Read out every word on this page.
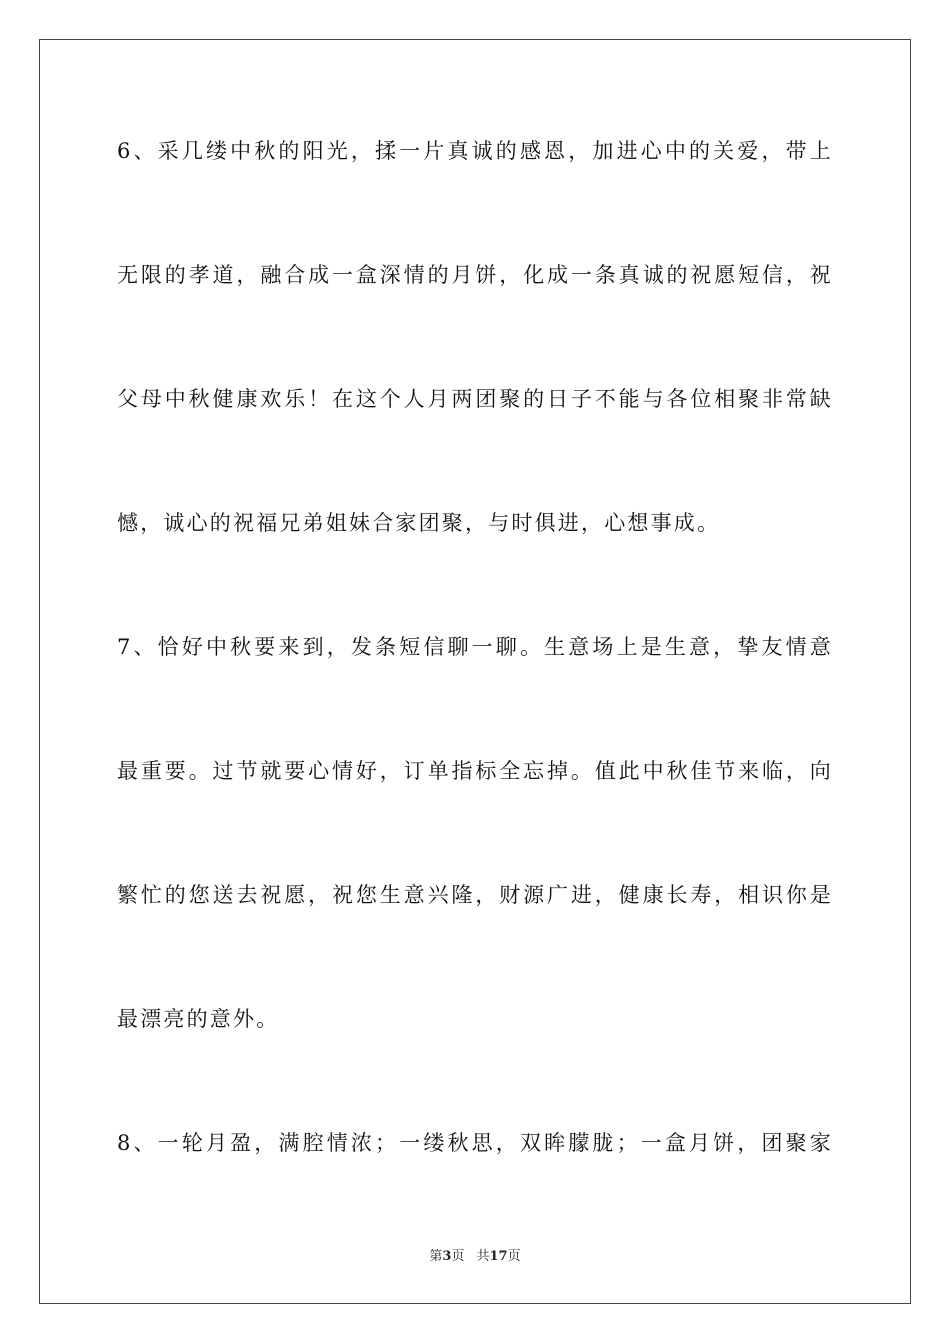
6、采几缕中秋的阳光，揉一片真诚的感恩，加进心中的关爱，带上
无限的孝道，融合成一盒深情的月饼，化成一条真诚的祝愿短信，祝
父母中秋健康欢乐！在这个人月两团聚的日子不能与各位相聚非常缺
憾，诚心的祝福兄弟姐妹合家团聚，与时俱进，心想事成。
7、恰好中秋要来到，发条短信聊一聊。生意场上是生意，挚友情意
最重要。过节就要心情好，订单指标全忘掉。值此中秋佳节来临，向
繁忙的您送去祝愿，祝您生意兴隆，财源广进，健康长寿，相识你是
最漂亮的意外。
8、一轮月盈，满腔情浓；一缕秋思，双眸朦胧；一盒月饼，团聚家
第3页 共17页
